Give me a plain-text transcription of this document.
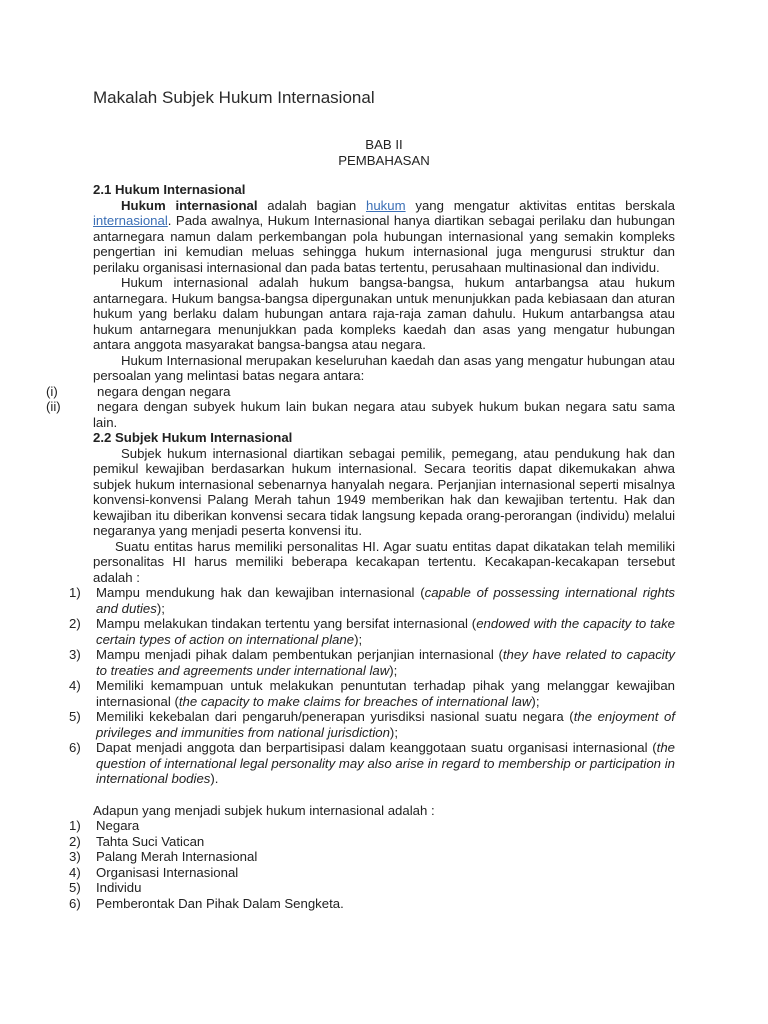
Makalah Subjek Hukum Internasional
BAB II
PEMBAHASAN
2.1 Hukum Internasional

Hukum internasional adalah bagian hukum yang mengatur aktivitas entitas berskala internasional. Pada awalnya, Hukum Internasional hanya diartikan sebagai perilaku dan hubungan antarnegara namun dalam perkembangan pola hubungan internasional yang semakin kompleks pengertian ini kemudian meluas sehingga hukum internasional juga mengurusi struktur dan perilaku organisasi internasional dan pada batas tertentu, perusahaan multinasional dan individu.

Hukum internasional adalah hukum bangsa-bangsa, hukum antarbangsa atau hukum antarnegara. Hukum bangsa-bangsa dipergunakan untuk menunjukkan pada kebiasaan dan aturan hukum yang berlaku dalam hubungan antara raja-raja zaman dahulu. Hukum antarbangsa atau hukum antarnegara menunjukkan pada kompleks kaedah dan asas yang mengatur hubungan antara anggota masyarakat bangsa-bangsa atau negara.

Hukum Internasional merupakan keseluruhan kaedah dan asas yang mengatur hubungan atau persoalan yang melintasi batas negara antara:

(i)	negara dengan negara

(ii)	negara dengan subyek hukum lain bukan negara atau subyek hukum bukan negara satu sama lain.

2.2 Subjek Hukum Internasional

Subjek hukum internasional diartikan sebagai pemilik, pemegang, atau pendukung hak dan pemikul kewajiban berdasarkan hukum internasional. Secara teoritis dapat dikemukakan ahwa subjek hukum internasional sebenarnya hanyalah negara. Perjanjian internasional seperti misalnya konvensi-konvensi Palang Merah tahun 1949 memberikan hak dan kewajiban tertentu. Hak dan kewajiban itu diberikan konvensi secara tidak langsung kepada orang-perorangan (individu) melalui negaranya yang menjadi peserta konvensi itu.

Suatu entitas harus memiliki personalitas HI. Agar suatu entitas dapat dikatakan telah memiliki personalitas HI harus memiliki beberapa kecakapan tertentu. Kecakapan-kecakapan tersebut adalah :

1) Mampu mendukung hak dan kewajiban internasional (capable of possessing international rights and duties);

2) Mampu melakukan tindakan tertentu yang bersifat internasional (endowed with the capacity to take certain types of action on international plane);

3) Mampu menjadi pihak dalam pembentukan perjanjian internasional (they have related to capacity to treaties and agreements under international law);

4) Memiliki kemampuan untuk melakukan penuntutan terhadap pihak yang melanggar kewajiban internasional (the capacity to make claims for breaches of international law);

5) Memiliki kekebalan dari pengaruh/penerapan yurisdiksi nasional suatu negara (the enjoyment of privileges and immunities from national jurisdiction);

6) Dapat menjadi anggota dan berpartisipasi dalam keanggotaan suatu organisasi internasional (the question of international legal personality may also arise in regard to membership or participation in international bodies).

Adapun yang menjadi subjek hukum internasional adalah :

1) Negara

2) Tahta Suci Vatican

3) Palang Merah Internasional

4) Organisasi Internasional

5) Individu

6) Pemberontak Dan Pihak Dalam Sengketa.
